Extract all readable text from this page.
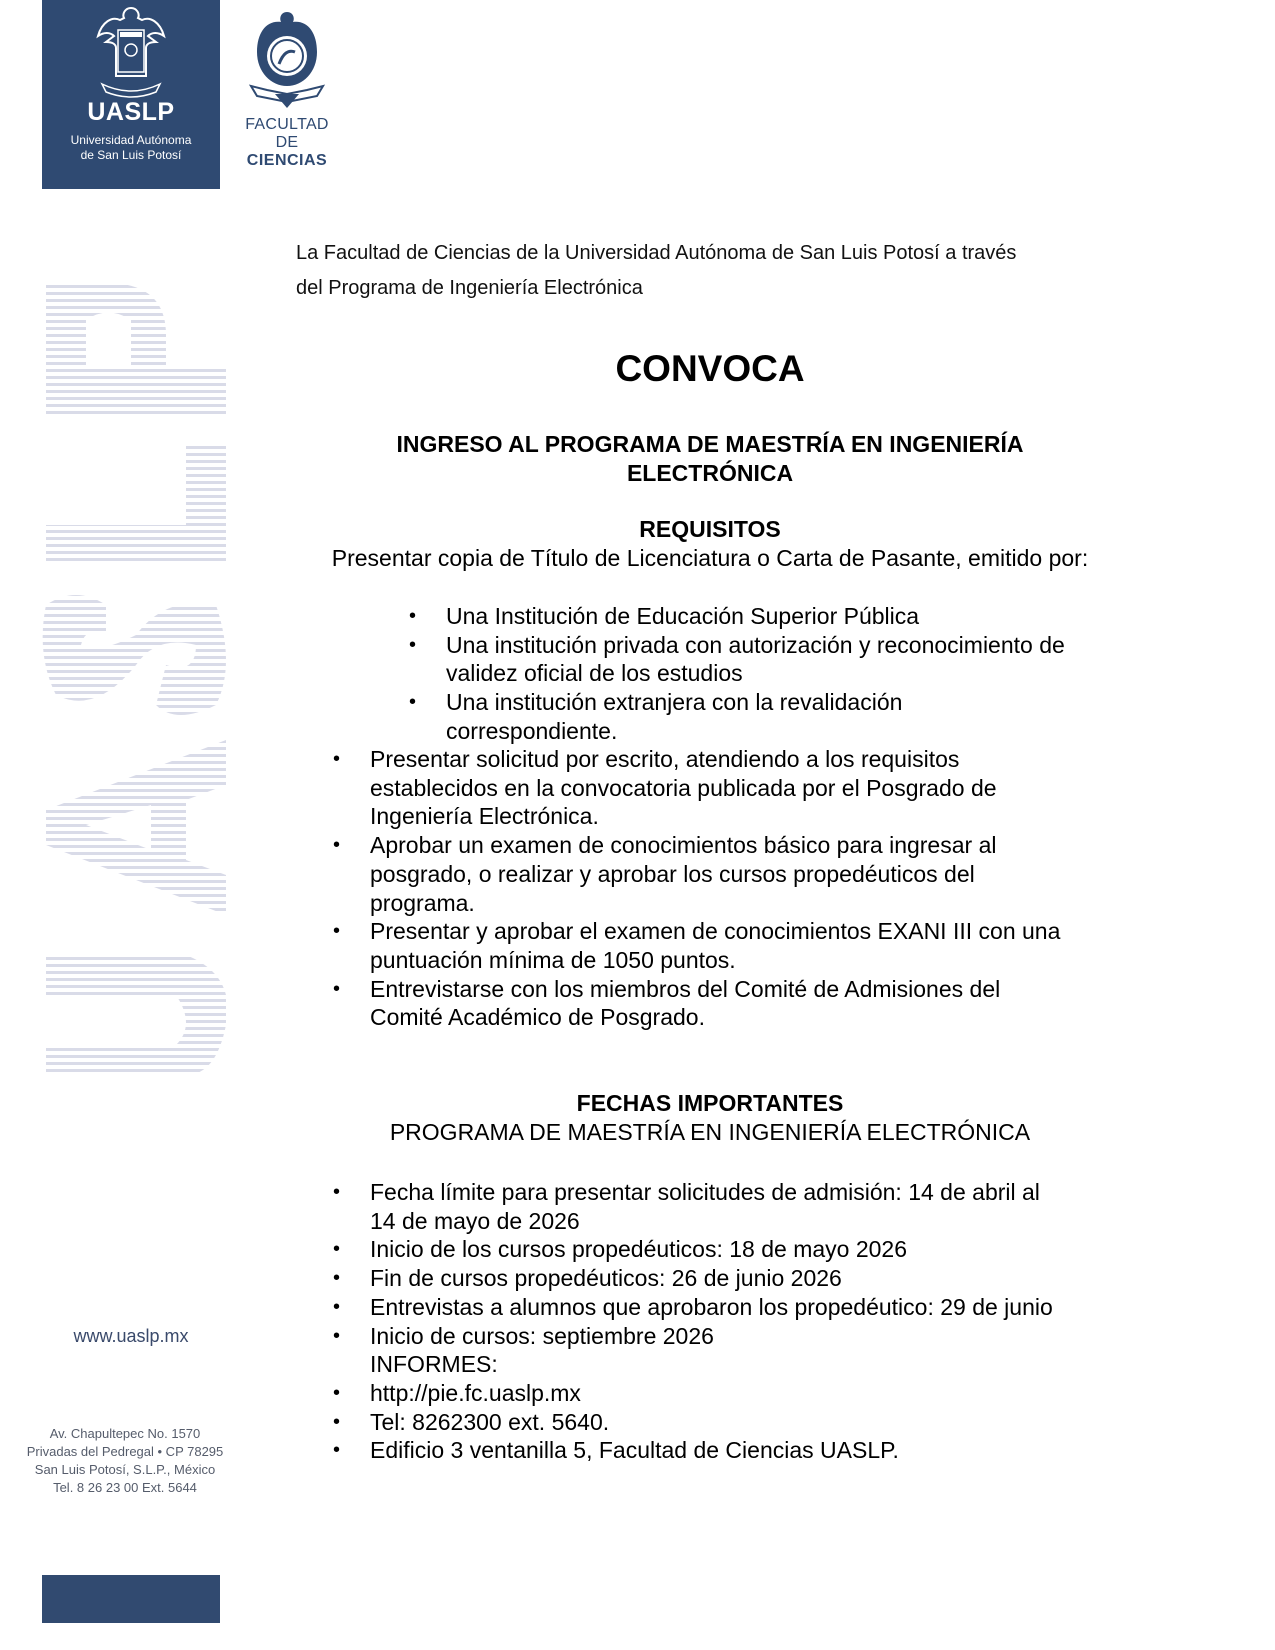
UASLP
Universidad Autónoma
de San Luis Potosí
FACULTAD DE
CIENCIAS
www.uaslp.mx
Av. Chapultepec No. 1570
Privadas del Pedregal • CP 78295
San Luis Potosí, S.L.P., México
Tel. 8 26 23 00 Ext. 5644
La Facultad de Ciencias de la Universidad Autónoma de San Luis Potosí a través
del Programa de Ingeniería Electrónica
CONVOCA
INGRESO AL PROGRAMA DE MAESTRÍA EN INGENIERÍA
ELECTRÓNICA
REQUISITOS
Presentar copia de Título de Licenciatura o Carta de Pasante, emitido por:
• Una Institución de Educación Superior Pública
• Una institución privada con autorización y reconocimiento de
validez oficial de los estudios
• Una institución extranjera con la revalidación
correspondiente.
• Presentar solicitud por escrito, atendiendo a los requisitos
establecidos en la convocatoria publicada por el Posgrado de
Ingeniería Electrónica.
• Aprobar un examen de conocimientos básico para ingresar al
posgrado, o realizar y aprobar los cursos propedéuticos del
programa.
• Presentar y aprobar el examen de conocimientos EXANI III con una
puntuación mínima de 1050 puntos.
• Entrevistarse con los miembros del Comité de Admisiones del
Comité Académico de Posgrado.
FECHAS IMPORTANTES
PROGRAMA DE MAESTRÍA EN INGENIERÍA ELECTRÓNICA
• Fecha límite para presentar solicitudes de admisión: 14 de abril al
14 de mayo de 2026
• Inicio de los cursos propedéuticos: 18 de mayo 2026
• Fin de cursos propedéuticos: 26 de junio 2026
• Entrevistas a alumnos que aprobaron los propedéutico: 29 de junio
• Inicio de cursos: septiembre 2026
INFORMES:
• http://pie.fc.uaslp.mx
• Tel: 8262300 ext. 5640.
• Edificio 3 ventanilla 5, Facultad de Ciencias UASLP.
